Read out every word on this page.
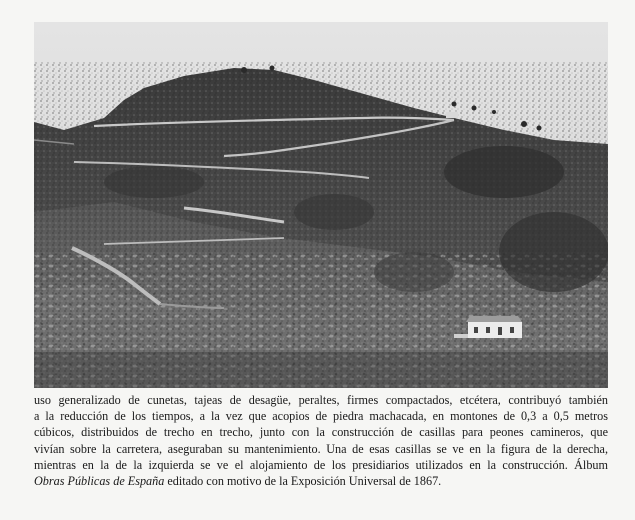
uso generalizado de cunetas, tajeas de desagüe, peraltes, firmes compactados, etcétera, contribuyó también
a la reducción de los tiempos, a la vez que acopios de piedra machacada, en montones de 0,3 a 0,5 metros
cúbicos, distribuidos de trecho en trecho, junto con la construcción de casillas para peones camineros, que
vivían sobre la carretera, aseguraban su mantenimiento. Una de esas casillas se ve en la figura de la derecha,
mientras en la de la izquierda se ve el alojamiento de los presidiarios utilizados en la construcción. Álbum
Obras Públicas de España editado con motivo de la Exposición Universal de 1867.
